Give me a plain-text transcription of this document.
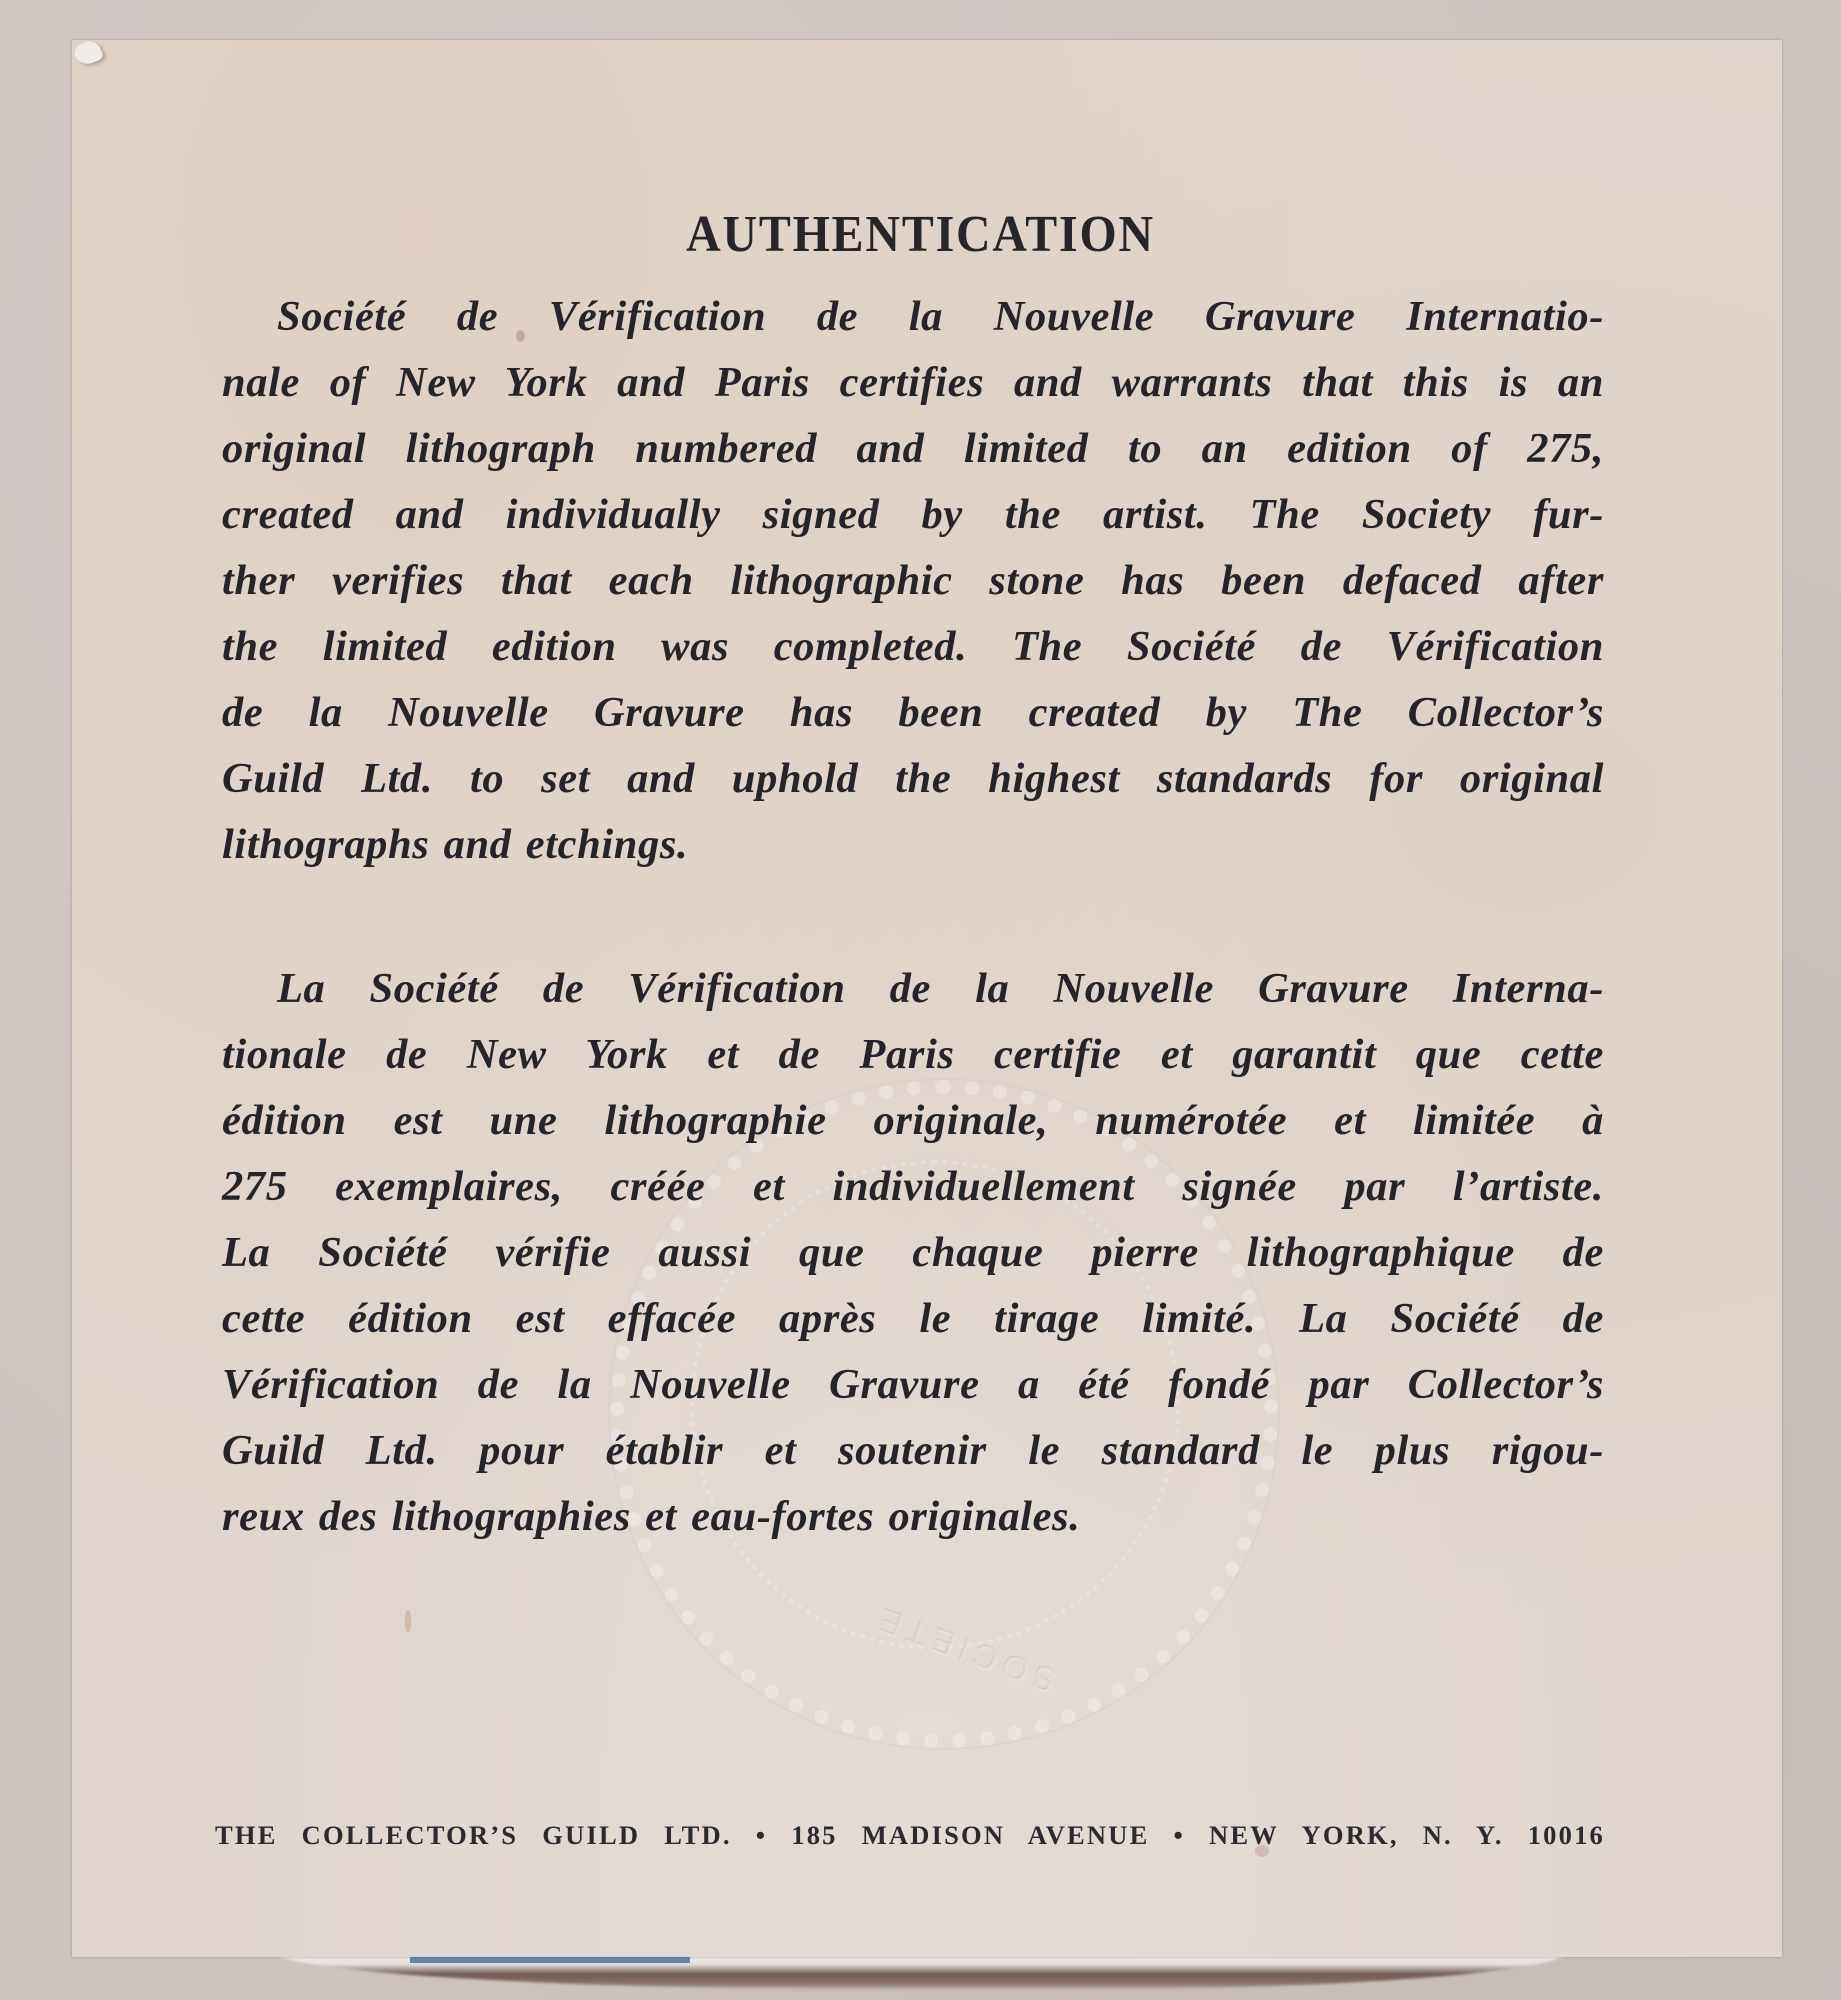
SOCIETE
AUTHENTICATION
Société de Vérification de la Nouvelle Gravure Internatio-
nale of New York and Paris certifies and warrants that this is an
original lithograph numbered and limited to an edition of 275,
created and individually signed by the artist. The Society fur-
ther verifies that each lithographic stone has been defaced after
the limited edition was completed. The Société de Vérification
de la Nouvelle Gravure has been created by The Collector’s
Guild Ltd. to set and uphold the highest standards for original
lithographs and etchings.
La Société de Vérification de la Nouvelle Gravure Interna-
tionale de New York et de Paris certifie et garantit que cette
édition est une lithographie originale, numérotée et limitée à
275 exemplaires, créée et individuellement signée par l’artiste.
La Société vérifie aussi que chaque pierre lithographique de
cette édition est effacée après le tirage limité. La Société de
Vérification de la Nouvelle Gravure a été fondé par Collector’s
Guild Ltd. pour établir et soutenir le standard le plus rigou-
reux des lithographies et eau-fortes originales.
THE COLLECTOR’S GUILD LTD. • 185 MADISON AVENUE • NEW YORK, N. Y. 10016
